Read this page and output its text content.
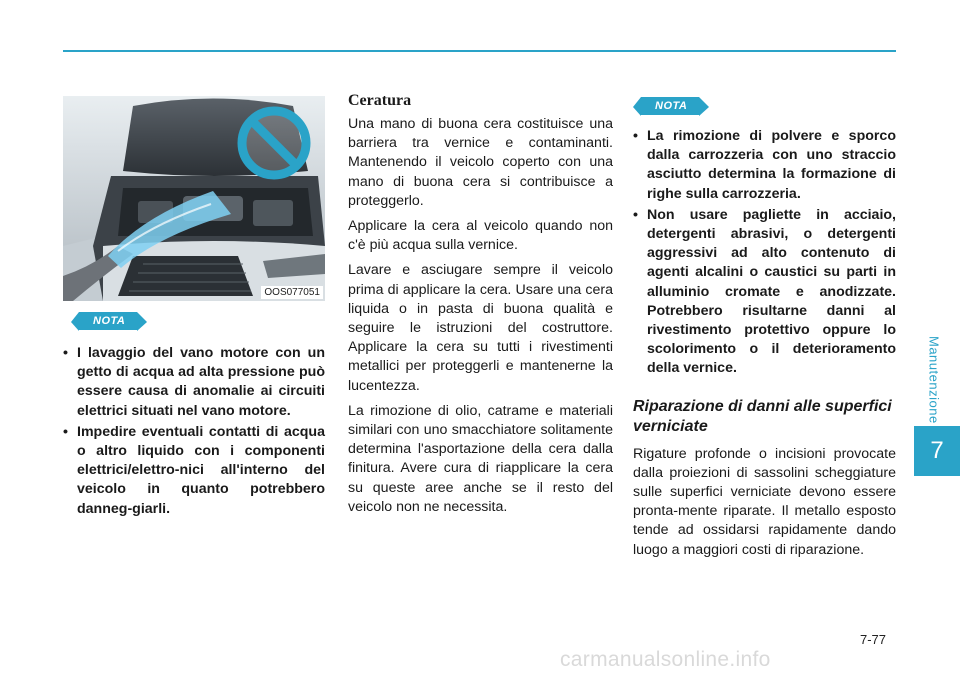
Manutenzione
7
OOS077051
NOTA
• I lavaggio del vano motore con un getto di acqua ad alta pressione può essere causa di anomalie ai circuiti elettrici situati nel vano motore.
• Impedire eventuali contatti di acqua o altro liquido con i componenti elettrici/elettro-nici all'interno del veicolo in quanto potrebbero danneg-giarli.
Ceratura

Una mano di buona cera costituisce una barriera tra vernice e contaminanti. Mantenendo il veicolo coperto con una mano di buona cera si contribuisce a proteggerlo.

Applicare la cera al veicolo quando non c'è più acqua sulla vernice.

Lavare e asciugare sempre il veicolo prima di applicare la cera. Usare una cera liquida o in pasta di buona qualità e seguire le istruzioni del costruttore. Applicare la cera su tutti i rivestimenti metallici per proteggerli e mantenerne la lucentezza.

La rimozione di olio, catrame e materiali similari con uno smacchiatore solitamente determina l'asportazione della cera dalla finitura. Avere cura di riapplicare la cera su queste aree anche se il resto del veicolo non ne necessita.

NOTA
• La rimozione di polvere e sporco dalla carrozzeria con uno straccio asciutto determina la formazione di righe sulla carrozzeria.
• Non usare pagliette in acciaio, detergenti abrasivi, o detergenti aggressivi ad alto contenuto di agenti alcalini o caustici su parti in alluminio cromate e anodizzate. Potrebbero risultarne danni al rivestimento protettivo oppure lo scolorimento o il deterioramento della vernice.
Riparazione di danni alle superfici verniciate

Rigature profonde o incisioni provocate dalla proiezioni di sassolini scheggiature sulle superfici verniciate devono essere pronta-mente riparate. Il metallo esposto tende ad ossidarsi rapidamente dando luogo a maggiori costi di riparazione.

7-77
carmanualsonline.info
